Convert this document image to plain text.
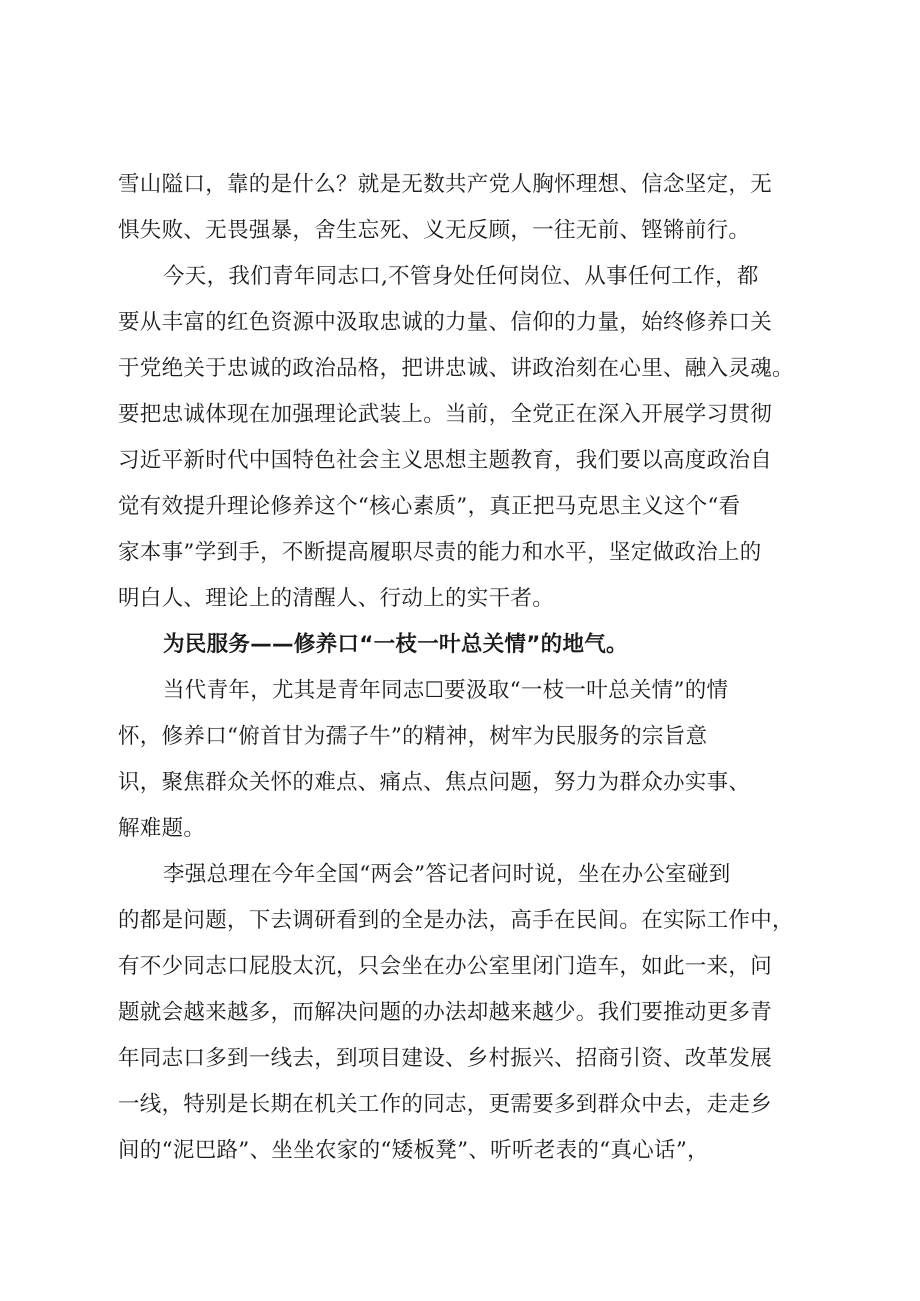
雪山隘口，靠的是什么？就是无数共产党人胸怀理想、信念坚定，无
惧失败、无畏强暴，舍生忘死、义无反顾，一往无前、铿锵前行。
今天，我们青年同志口,不管身处任何岗位、从事任何工作，都
要从丰富的红色资源中汲取忠诚的力量、信仰的力量，始终修养口关
于党绝关于忠诚的政治品格，把讲忠诚、讲政治刻在心里、融入灵魂。
要把忠诚体现在加强理论武装上。当前，全党正在深入开展学习贯彻
习近平新时代中国特色社会主义思想主题教育，我们要以高度政治自
觉有效提升理论修养这个“核心素质”，真正把马克思主义这个“看
家本事”学到手，不断提高履职尽责的能力和水平，坚定做政治上的
明白人、理论上的清醒人、行动上的实干者。
为民服务——修养口“一枝一叶总关情”的地气。
当代青年，尤其是青年同志☐要汲取“一枝一叶总关情”的情
怀，修养口“俯首甘为孺子牛”的精神，树牢为民服务的宗旨意
识，聚焦群众关怀的难点、痛点、焦点问题，努力为群众办实事、
解难题。
李强总理在今年全国“两会”答记者问时说，坐在办公室碰到
的都是问题，下去调研看到的全是办法，高手在民间。在实际工作中，
有不少同志口屁股太沉，只会坐在办公室里闭门造车，如此一来，问
题就会越来越多，而解决问题的办法却越来越少。我们要推动更多青
年同志口多到一线去，到项目建设、乡村振兴、招商引资、改革发展
一线，特别是长期在机关工作的同志，更需要多到群众中去，走走乡
间的“泥巴路”、坐坐农家的“矮板凳”、听听老表的“真心话”，
